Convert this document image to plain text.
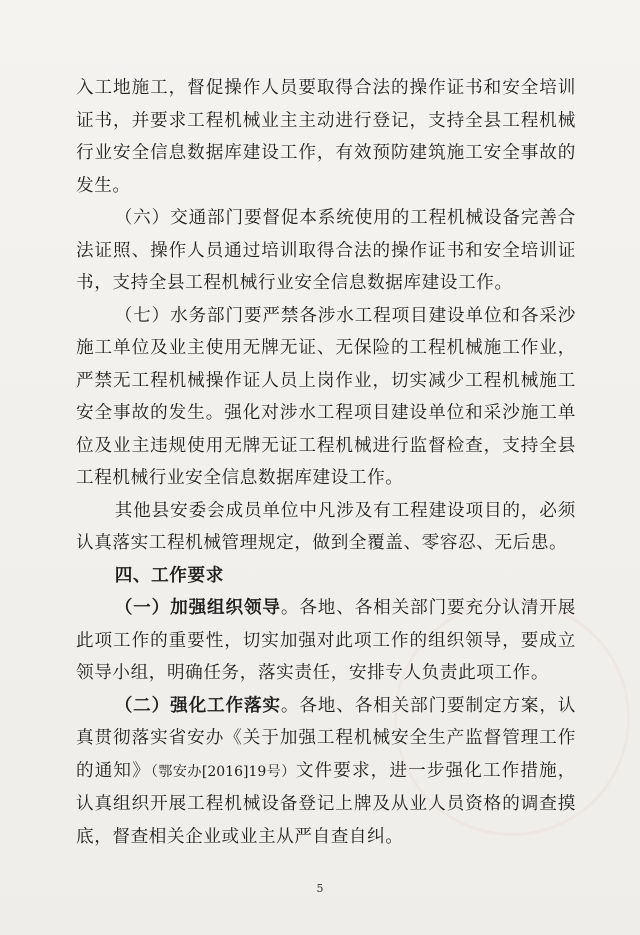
入工地施工，督促操作人员要取得合法的操作证书和安全培训证书，并要求工程机械业主主动进行登记，支持全县工程机械行业安全信息数据库建设工作，有效预防建筑施工安全事故的发生。

（六）交通部门要督促本系统使用的工程机械设备完善合法证照、操作人员通过培训取得合法的操作证书和安全培训证书，支持全县工程机械行业安全信息数据库建设工作。

（七）水务部门要严禁各涉水工程项目建设单位和各采沙施工单位及业主使用无牌无证、无保险的工程机械施工作业，严禁无工程机械操作证人员上岗作业，切实减少工程机械施工安全事故的发生。强化对涉水工程项目建设单位和采沙施工单位及业主违规使用无牌无证工程机械进行监督检查，支持全县工程机械行业安全信息数据库建设工作。

其他县安委会成员单位中凡涉及有工程建设项目的，必须认真落实工程机械管理规定，做到全覆盖、零容忍、无后患。

四、工作要求

（一）加强组织领导。各地、各相关部门要充分认清开展此项工作的重要性，切实加强对此项工作的组织领导，要成立领导小组，明确任务，落实责任，安排专人负责此项工作。

（二）强化工作落实。各地、各相关部门要制定方案，认真贯彻落实省安办《关于加强工程机械安全生产监督管理工作的通知》（鄂安办[2016]19号）文件要求，进一步强化工作措施，认真组织开展工程机械设备登记上牌及从业人员资格的调查摸底，督查相关企业或业主从严自查自纠。

5
